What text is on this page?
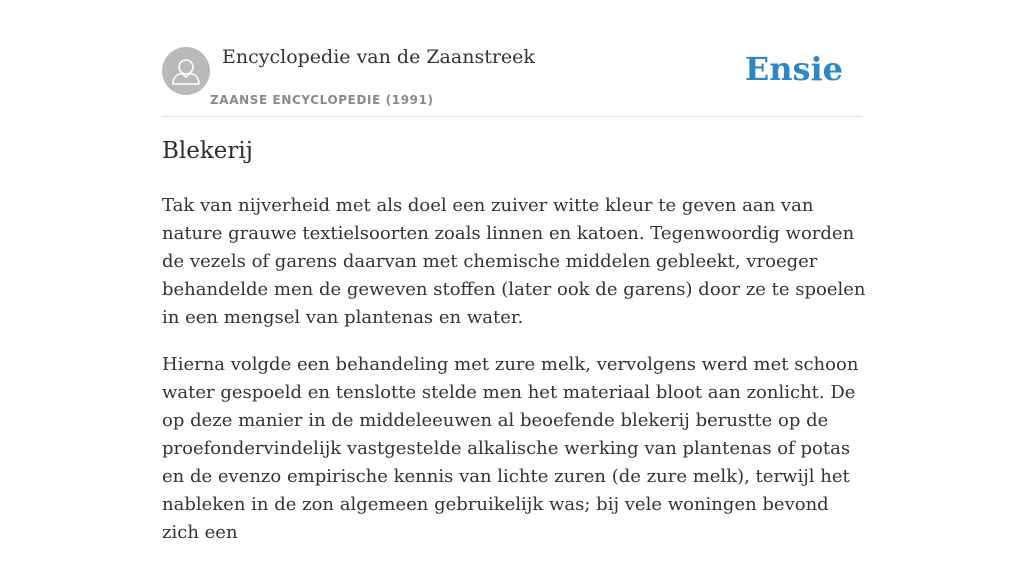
Encyclopedie van de Zaanstreek
ZAANSE ENCYCLOPEDIE (1991)
Ensie
Blekerij

Tak van nijverheid met als doel een zuiver witte kleur te geven aan van nature grauwe textielsoorten zoals linnen en katoen. Tegenwoordig worden de vezels of garens daarvan met chemische middelen gebleekt, vroeger behandelde men de geweven stoffen (later ook de garens) door ze te spoelen in een mengsel van plantenas en water.

Hierna volgde een behandeling met zure melk, vervolgens werd met schoon water gespoeld en tenslotte stelde men het materiaal bloot aan zonlicht. De op deze manier in de middeleeuwen al beoefende blekerij berustte op de proefondervindelijk vastgestelde alkalische werking van plantenas of potas en de evenzo empirische kennis van lichte zuren (de zure melk), terwijl het nableken in de zon algemeen gebruikelijk was; bij vele woningen bevond zich een
